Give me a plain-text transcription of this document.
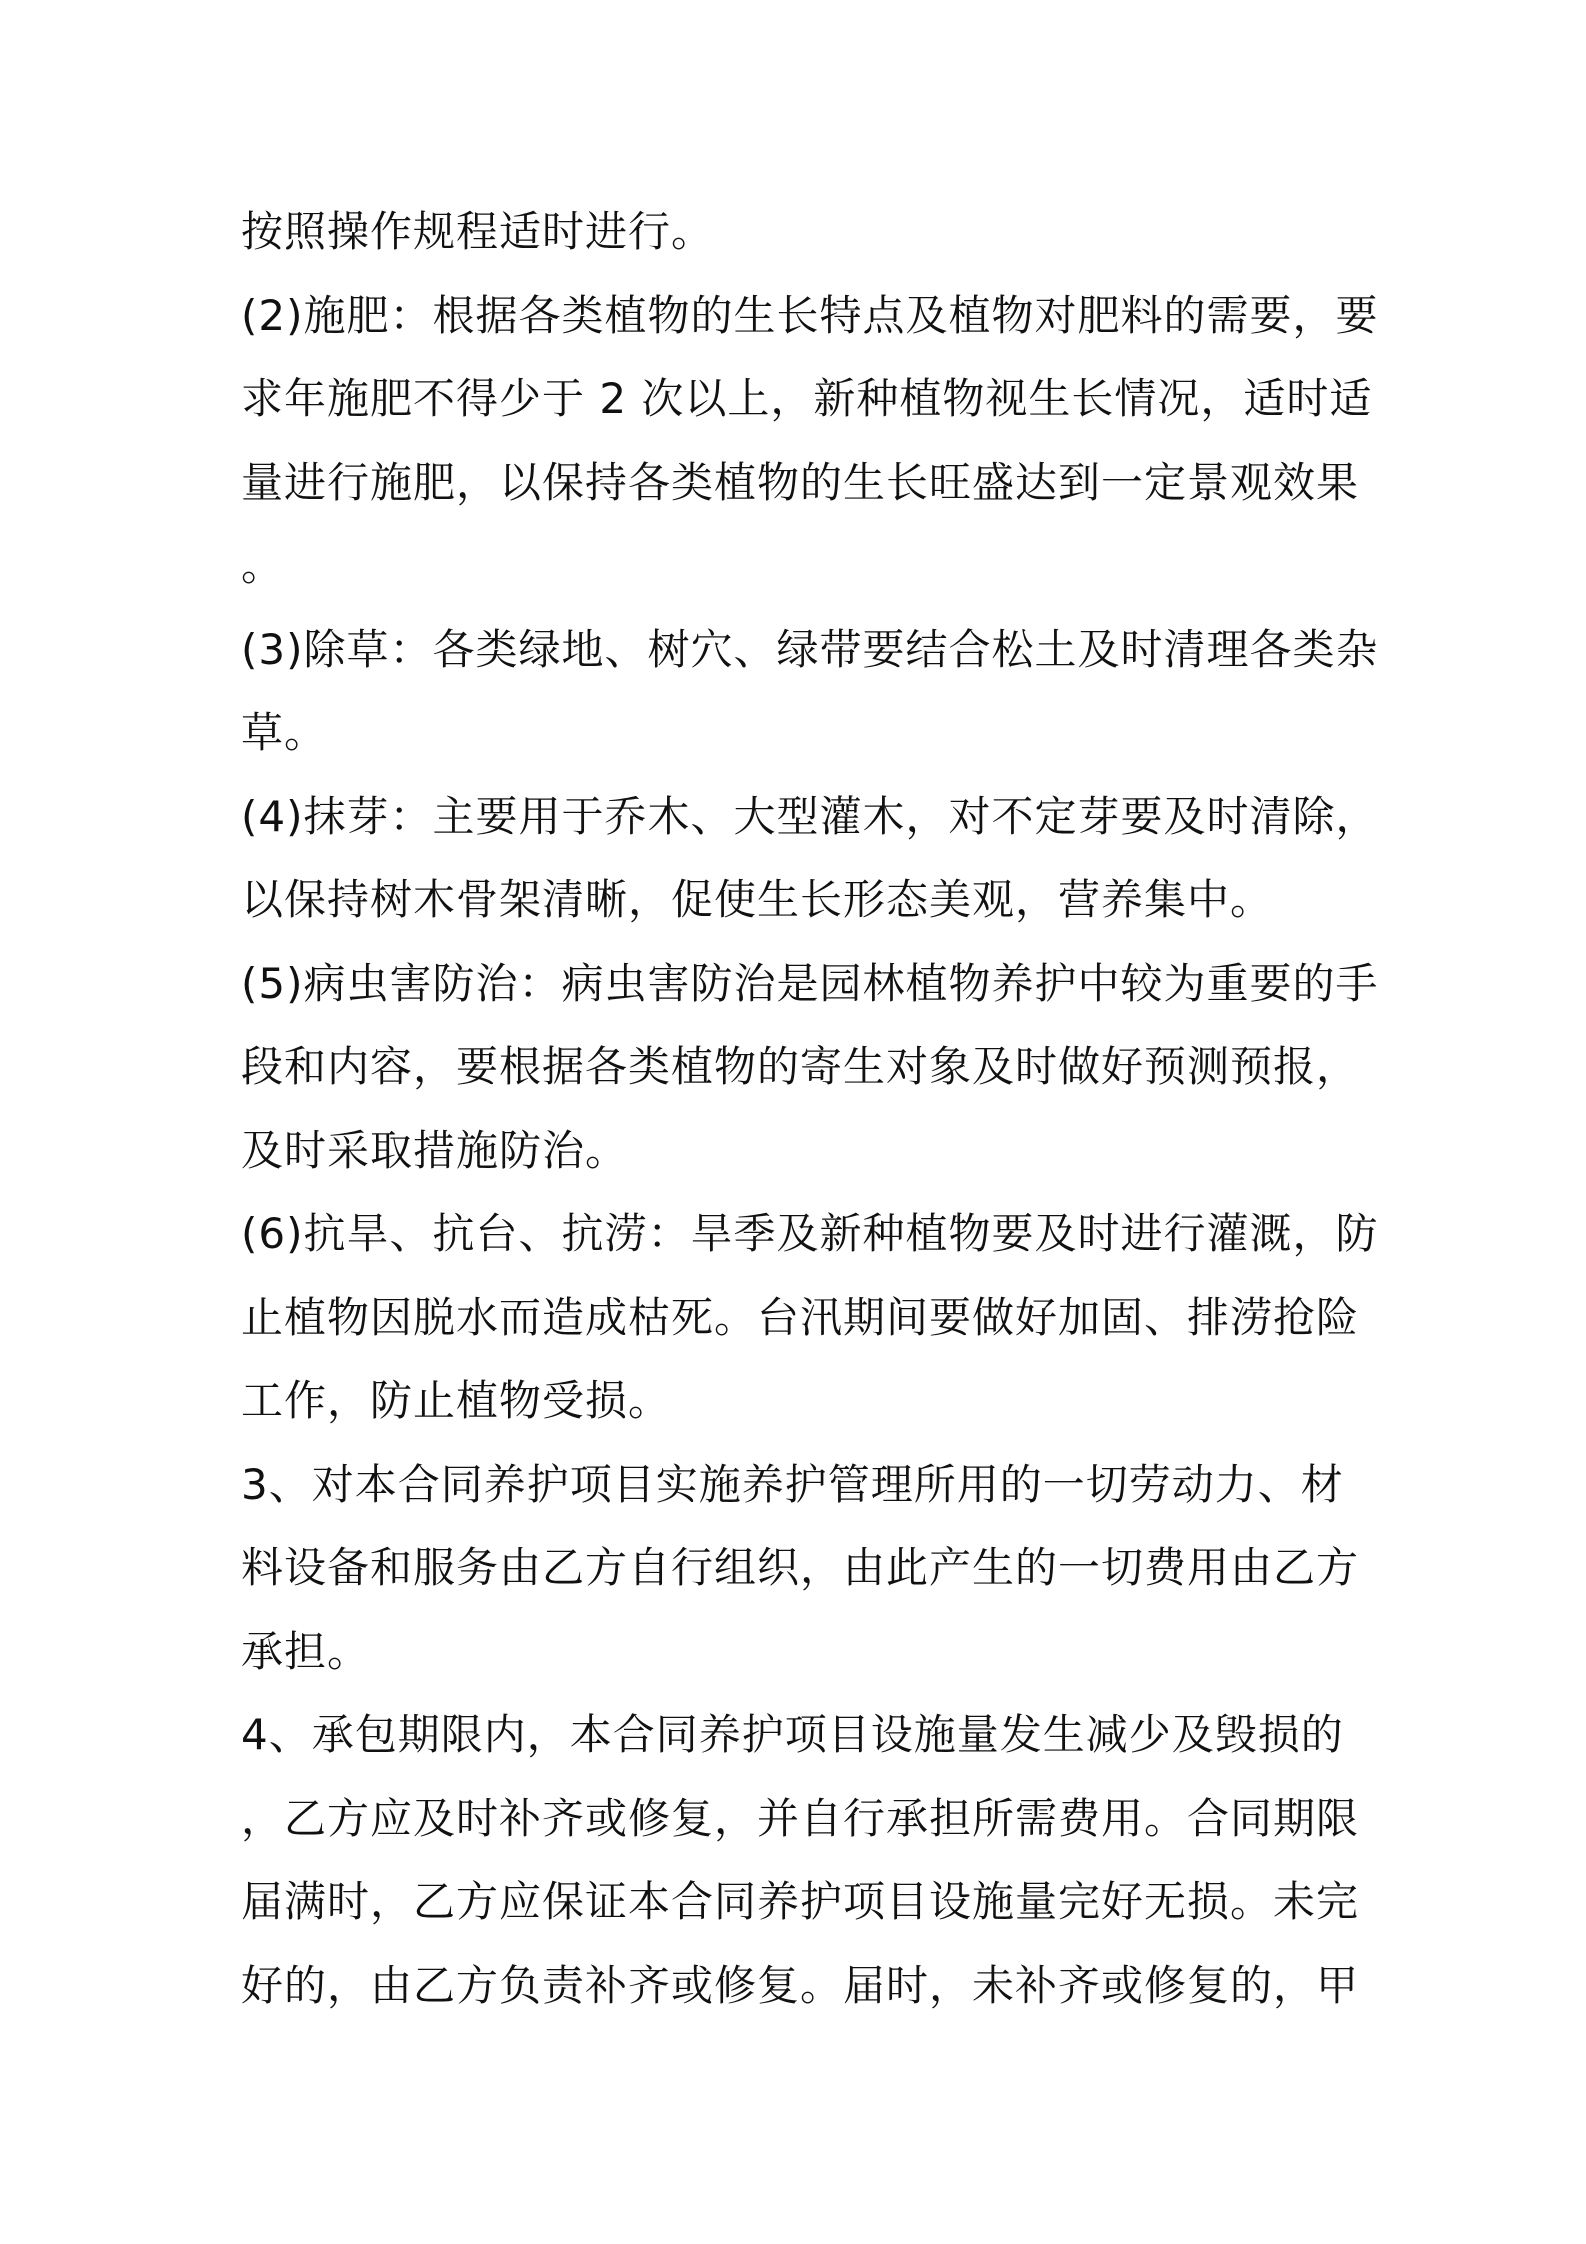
按照操作规程适时进行。
(2)施肥：根据各类植物的生长特点及植物对肥料的需要，要
求年施肥不得少于 2 次以上，新种植物视生长情况，适时适
量进行施肥，以保持各类植物的生长旺盛达到一定景观效果
。
(3)除草：各类绿地、树穴、绿带要结合松土及时清理各类杂
草。
(4)抹芽：主要用于乔木、大型灌木，对不定芽要及时清除，
以保持树木骨架清晰，促使生长形态美观，营养集中。
(5)病虫害防治：病虫害防治是园林植物养护中较为重要的手
段和内容，要根据各类植物的寄生对象及时做好预测预报，
及时采取措施防治。
(6)抗旱、抗台、抗涝：旱季及新种植物要及时进行灌溉，防
止植物因脱水而造成枯死。台汛期间要做好加固、排涝抢险
工作，防止植物受损。
3、对本合同养护项目实施养护管理所用的一切劳动力、材
料设备和服务由乙方自行组织，由此产生的一切费用由乙方
承担。
4、承包期限内，本合同养护项目设施量发生减少及毁损的
，乙方应及时补齐或修复，并自行承担所需费用。合同期限
届满时，乙方应保证本合同养护项目设施量完好无损。未完
好的，由乙方负责补齐或修复。届时，未补齐或修复的，甲
